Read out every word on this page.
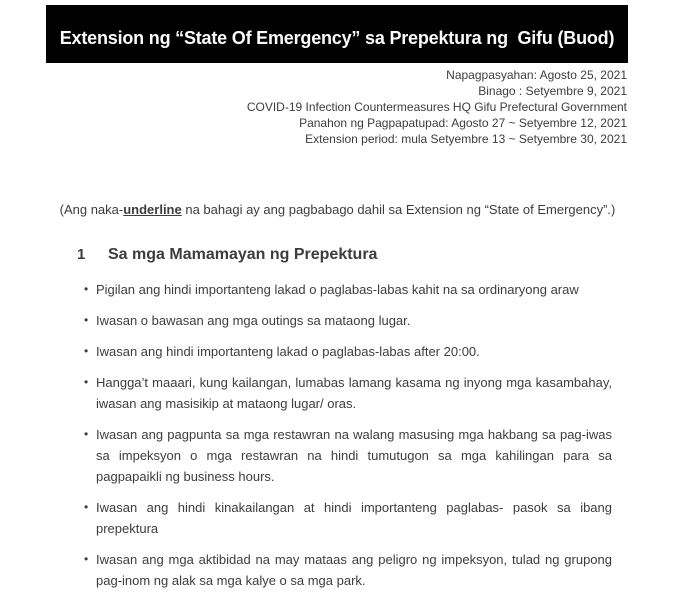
Extension ng “State Of Emergency” sa Prepektura ng  Gifu (Buod)
Napagpasyahan: Agosto 25, 2021
Binago : Setyembre 9, 2021
COVID-19 Infection Countermeasures HQ Gifu Prefectural Government
Panahon ng Pagpapatupad: Agosto 27 ~ Setyembre 12, 2021
Extension period: mula Setyembre 13 ~ Setyembre 30, 2021
(Ang naka-underline na bahagi ay ang pagbabago dahil sa Extension ng “State of Emergency”.)
1 Sa mga Mamamayan ng Prepektura
• Pigilan ang hindi importanteng lakad o paglabas-labas kahit na sa ordinaryong araw
• Iwasan o bawasan ang mga outings sa mataong lugar.
• Iwasan ang hindi importanteng lakad o paglabas-labas after 20:00.
• Hangga’t maaari, kung kailangan, lumabas lamang kasama ng inyong mga kasambahay, iwasan ang masisikip at mataong lugar/ oras.
• Iwasan ang pagpunta sa mga restawran na walang masusing mga hakbang sa pag-iwas sa impeksyon o mga restawran na hindi tumutugon sa mga kahilingan para sa pagpapaikli ng business hours.
• Iwasan ang hindi kinakailangan at hindi importanteng paglabas- pasok sa ibang prepektura
• Iwasan ang mga aktibidad na may mataas ang peligro ng impeksyon, tulad ng grupong pag-inom ng alak sa mga kalye o sa mga park.
